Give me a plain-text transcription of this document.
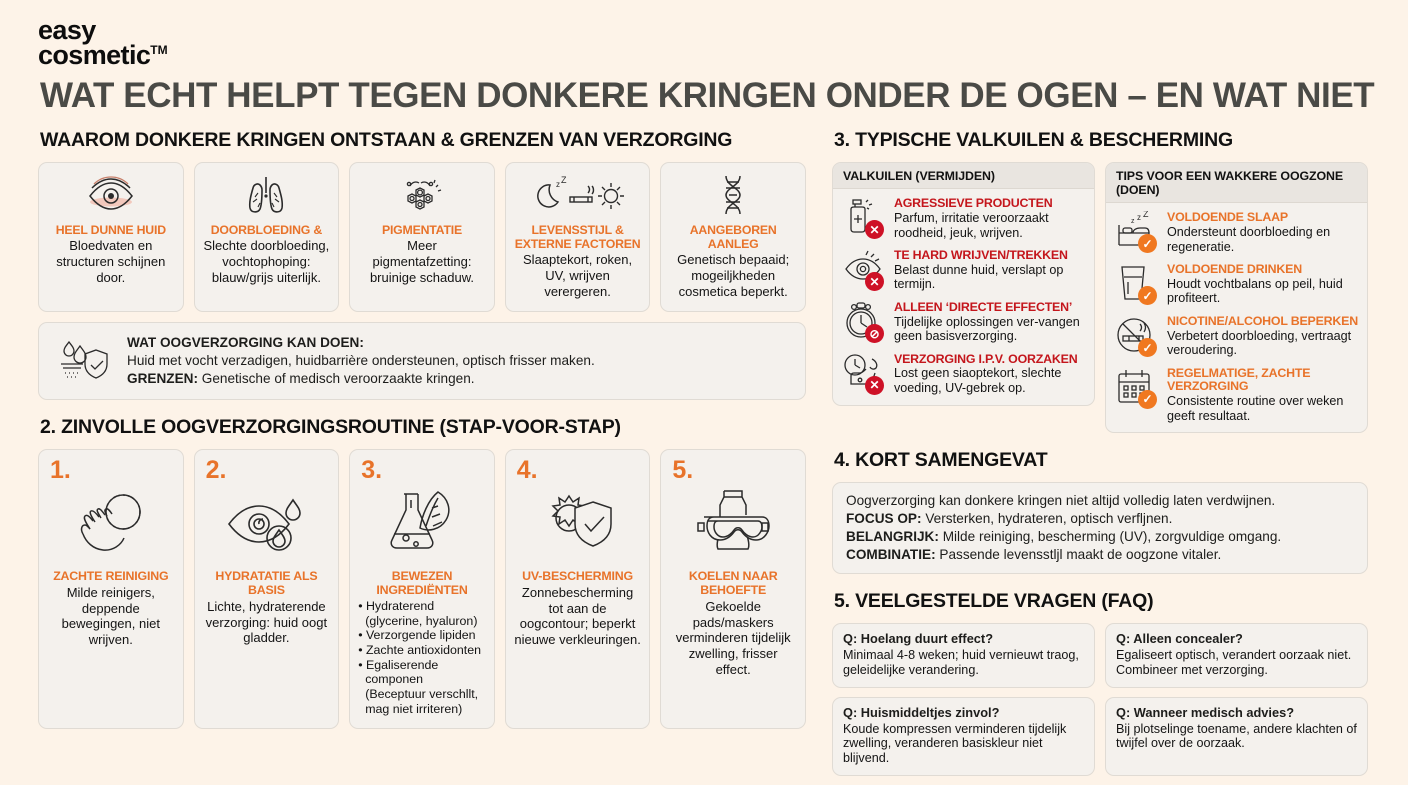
easy
cosmetic™
WAT ECHT HELPT TEGEN DONKERE KRINGEN ONDER DE OGEN – EN WAT NIET
WAAROM DONKERE KRINGEN ONTSTAAN & GRENZEN VAN VERZORGING
HEEL DUNNE HUID
Bloedvaten en structuren schijnen door.
DOORBLOEDING &
Slechte doorbloeding, vochtophoping: blauw/grijs uiterlijk.
PIGMENTATIE
Meer pigmentafzetting: bruinige schaduw.
z Z
LEVENSSTIJL & EXTERNE FACTOREN
Slaaptekort, roken, UV, wrijven verergeren.
AANGEBOREN AANLEG
Genetisch bepaaid; mogeiljkheden cosmetica beperkt.
WAT OOGVERZORGING KAN DOEN:
Huid met vocht verzadigen, huidbarrière ondersteunen, optisch frisser maken.
GRENZEN: Genetische of medisch veroorzaakte kringen.
2. ZINVOLLE OOGVERZORGINGSROUTINE (STAP-VOOR-STAP)
1.
ZACHTE REINIGING
Milde reinigers, deppende bewegingen, niet wrijven.
2.
HYDRATATIE ALS BASIS
Lichte, hydraterende verzorging: huid oogt gladder.
3.
BEWEZEN INGREDIËNTEN
• Hydraterend (glycerine, hyaluron)
• Verzorgende lipiden
• Zachte antioxidonten
• Egaliserende componen (Beceptuur verschllt, mag niet irriteren)
4.
UV-BESCHERMING
Zonnebescherming tot aan de oogcontour; beperkt nieuwe verkleuringen.
5.
KOELEN NAAR BEHOEFTE
Gekoelde pads/maskers verminderen tijdelijk zwelling, frisser effect.
3. TYPISCHE VALKUILEN & BESCHERMING
VALKUILEN (VERMIJDEN)
✕
AGRESSIEVE PRODUCTEN
Parfum, irritatie veroorzaakt roodheid, jeuk, wrijven.
✕
TE HARD WRIJVEN/TREKKEN
Belast dunne huid, verslapt op termijn.
⊘
ALLEEN ‘DIRECTE EFFECTEN’
Tijdelijke oplossingen ver-vangen geen basisverzorging.
✕
VERZORGING I.P.V. OORZAKEN
Lost geen siaoptekort, slechte voeding, UV-gebrek op.
TIPS VOOR EEN WAKKERE OOGZONE (DOEN)
z z Z
✓
VOLDOENDE SLAAP
Ondersteunt doorbloeding en regeneratie.
✓
VOLDOENDE DRINKEN
Houdt vochtbalans op peil, huid profiteert.
✓
NICOTINE/ALCOHOL BEPERKEN
Verbetert doorbloeding, vertraagt veroudering.
✓
REGELMATIGE, ZACHTE VERZORGING
Consistente routine over weken geeft resultaat.
4. KORT SAMENGEVAT
Oogverzorging kan donkere kringen niet altijd volledig laten verdwijnen.
FOCUS OP: Versterken, hydrateren, optisch verfljnen.
BELANGRIJK: Milde reiniging, bescherming (UV), zorgvuldige omgang.
COMBINATIE: Passende levensstljl maakt de oogzone vitaler.
5. VEELGESTELDE VRAGEN (FAQ)
Q: Hoelang duurt effect?
Minimaal 4-8 weken; huid vernieuwt traog, geleidelijke verandering.
Q: Alleen concealer?
Egaliseert optisch, verandert oorzaak niet. Combineer met verzorging.
Q: Huismiddeltjes zinvol?
Koude kompressen verminderen tijdelijk zwelling, veranderen basiskleur niet blijvend.
Q: Wanneer medisch advies?
Bij plotselinge toename, andere klachten of twijfel over de oorzaak.
